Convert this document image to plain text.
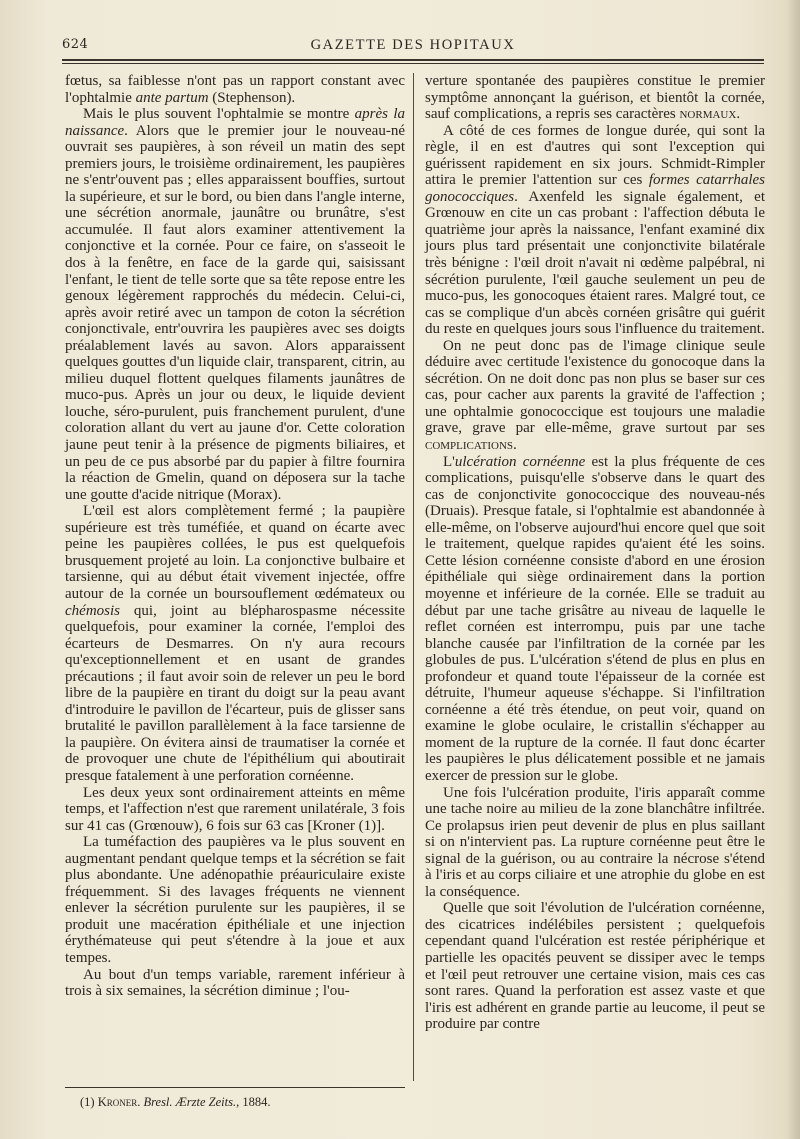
624	GAZETTE DES HOPITAUX

fœtus, sa faiblesse n'ont pas un rapport constant avec l'ophtalmie ante partum (Stephenson).

Mais le plus souvent l'ophtalmie se montre après la naissance. Alors que le premier jour le nouveau-né ouvrait ses paupières, à son réveil un matin des sept premiers jours, le troisième ordinairement, les paupières ne s'entr'ouvent pas ; elles apparaissent bouffies, surtout la supérieure, et sur le bord, ou bien dans l'angle interne, une sécrétion anormale, jaunâtre ou brunâtre, s'est accumulée. Il faut alors examiner attentivement la conjonctive et la cornée. Pour ce faire, on s'asseoit le dos à la fenêtre, en face de la garde qui, saisissant l'enfant, le tient de telle sorte que sa tête repose entre les genoux légèrement rapprochés du médecin. Celui-ci, après avoir retiré avec un tampon de coton la sécrétion conjonctivale, entr'ouvrira les paupières avec ses doigts préalablement lavés au savon. Alors apparaissent quelques gouttes d'un liquide clair, transparent, citrin, au milieu duquel flottent quelques filaments jaunâtres de muco-pus. Après un jour ou deux, le liquide devient louche, séro-purulent, puis franchement purulent, d'une coloration allant du vert au jaune d'or. Cette coloration jaune peut tenir à la présence de pigments biliaires, et un peu de ce pus absorbé par du papier à filtre fournira la réaction de Gmelin, quand on déposera sur la tache une goutte d'acide nitrique (Morax).

L'œil est alors complètement fermé ; la paupière supérieure est très tuméfiée, et quand on écarte avec peine les paupières collées, le pus est quelquefois brusquement projeté au loin. La conjonctive bulbaire et tarsienne, qui au début était vivement injectée, offre autour de la cornée un boursouflement œdémateux ou chémosis qui, joint au blépharospasme nécessite quelquefois, pour examiner la cornée, l'emploi des écarteurs de Desmarres. On n'y aura recours qu'exceptionnellement et en usant de grandes précautions ; il faut avoir soin de relever un peu le bord libre de la paupière en tirant du doigt sur la peau avant d'introduire le pavillon de l'écarteur, puis de glisser sans brutalité le pavillon parallèlement à la face tarsienne de la paupière. On évitera ainsi de traumatiser la cornée et de provoquer une chute de l'épithélium qui aboutirait presque fatalement à une perforation cornéenne.

Les deux yeux sont ordinairement atteints en même temps, et l'affection n'est que rarement unilatérale, 3 fois sur 41 cas (Grœnouw), 6 fois sur 63 cas [Kroner (1)].

La tuméfaction des paupières va le plus souvent en augmentant pendant quelque temps et la sécrétion se fait plus abondante. Une adénopathie préauriculaire existe fréquemment. Si des lavages fréquents ne viennent enlever la sécrétion purulente sur les paupières, il se produit une macération épithéliale et une injection érythémateuse qui peut s'étendre à la joue et aux tempes.

Au bout d'un temps variable, rarement inférieur à trois à six semaines, la sécrétion diminue ; l'ou-

(1) Kroner. Bresl. Ærzte Zeits., 1884.

verture spontanée des paupières constitue le premier symptôme annonçant la guérison, et bientôt la cornée, sauf complications, a repris ses caractères normaux.

A côté de ces formes de longue durée, qui sont la règle, il en est d'autres qui sont l'exception qui guérissent rapidement en six jours. Schmidt-Rimpler attira le premier l'attention sur ces formes catarrhales gonococciques. Axenfeld les signale également, et Grœnouw en cite un cas probant : l'affection débuta le quatrième jour après la naissance, l'enfant examiné dix jours plus tard présentait une conjonctivite bilatérale très bénigne : l'œil droit n'avait ni œdème palpébral, ni sécrétion purulente, l'œil gauche seulement un peu de muco-pus, les gonocoques étaient rares. Malgré tout, ce cas se complique d'un abcès cornéen grisâtre qui guérit du reste en quelques jours sous l'influence du traitement.

On ne peut donc pas de l'image clinique seule déduire avec certitude l'existence du gonocoque dans la sécrétion. On ne doit donc pas non plus se baser sur ces cas, pour cacher aux parents la gravité de l'affection ; une ophtalmie gonococcique est toujours une maladie grave, grave par elle-même, grave surtout par ses complications.

L'ulcération cornéenne est la plus fréquente de ces complications, puisqu'elle s'observe dans le quart des cas de conjonctivite gonococcique des nouveau-nés (Druais). Presque fatale, si l'ophtalmie est abandonnée à elle-même, on l'observe aujourd'hui encore quel que soit le traitement, quelque rapides qu'aient été les soins. Cette lésion cornéenne consiste d'abord en une érosion épithéliale qui siège ordinairement dans la portion moyenne et inférieure de la cornée. Elle se traduit au début par une tache grisâtre au niveau de laquelle le reflet cornéen est interrompu, puis par une tache blanche causée par l'infiltration de la cornée par les globules de pus. L'ulcération s'étend de plus en plus en profondeur et quand toute l'épaisseur de la cornée est détruite, l'humeur aqueuse s'échappe. Si l'infiltration cornéenne a été très étendue, on peut voir, quand on examine le globe oculaire, le cristallin s'échapper au moment de la rupture de la cornée. Il faut donc écarter les paupières le plus délicatement possible et ne jamais exercer de pression sur le globe.

Une fois l'ulcération produite, l'iris apparaît comme une tache noire au milieu de la zone blanchâtre infiltrée. Ce prolapsus irien peut devenir de plus en plus saillant si on n'intervient pas. La rupture cornéenne peut être le signal de la guérison, ou au contraire la nécrose s'étend à l'iris et au corps ciliaire et une atrophie du globe en est la conséquence.

Quelle que soit l'évolution de l'ulcération cornéenne, des cicatrices indélébiles persistent ; quelquefois cependant quand l'ulcération est restée périphérique et partielle les opacités peuvent se dissiper avec le temps et l'œil peut retrouver une certaine vision, mais ces cas sont rares. Quand la perforation est assez vaste et que l'iris est adhérent en grande partie au leucome, il peut se produire par contre
